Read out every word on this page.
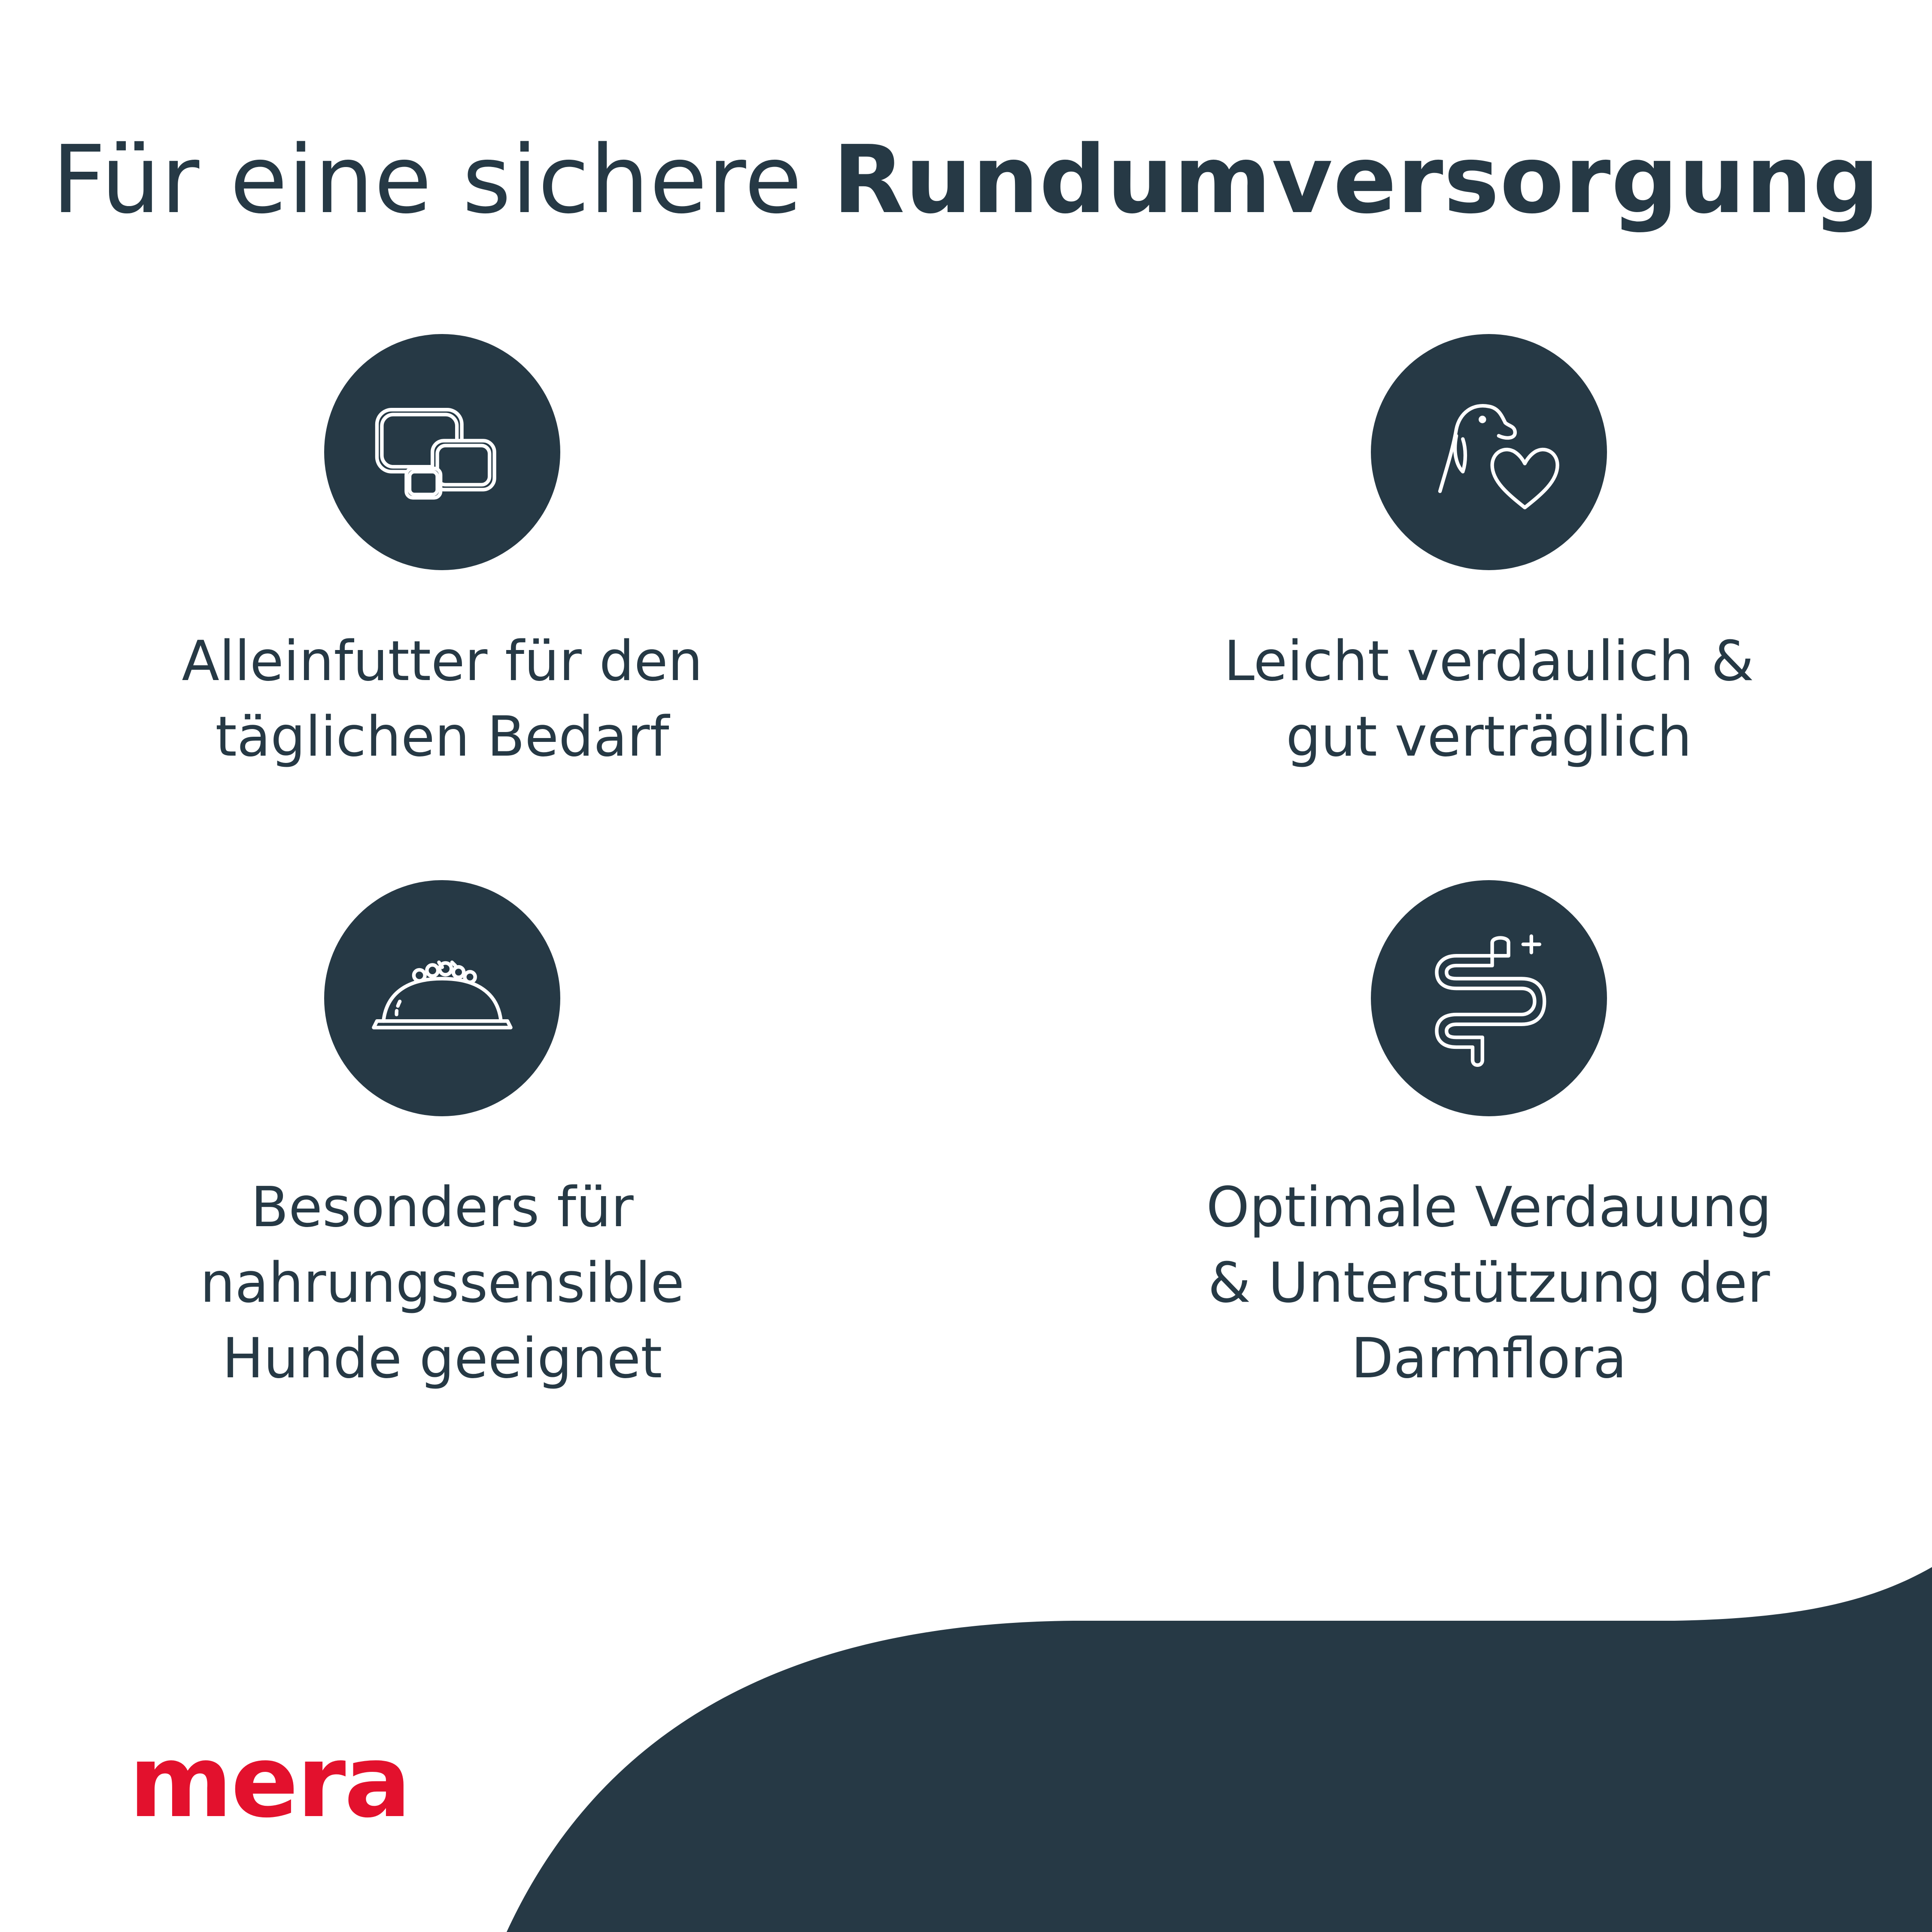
Für eine sichere Rundumversorgung
Alleinfutter für den
täglichen Bedarf
Leicht verdaulich &
gut verträglich
Besonders für
nahrungssensible
Hunde geeignet
Optimale Verdauung
& Unterstützung der
Darmflora
mera
